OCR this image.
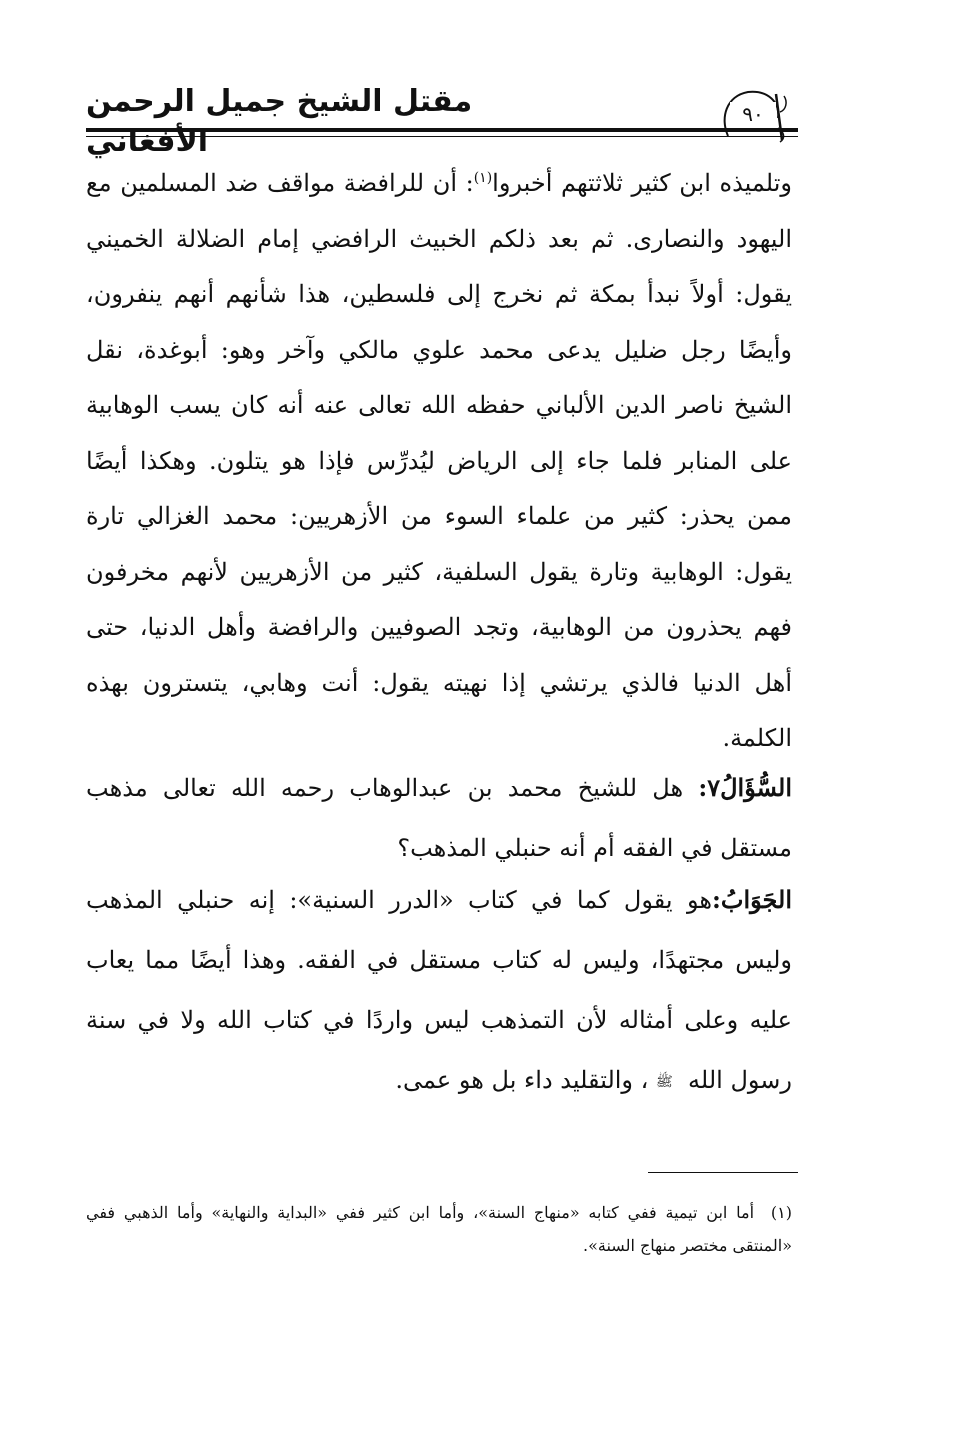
مقتل الشيخ جميل الرحمن الأفغاني
٩٠
وتلميذه ابن كثير ثلاثتهم أخبروا$^{(١)}$: أن للرافضة مواقف ضد المسلمين مع اليهود والنصارى. ثم بعد ذلكم الخبيث الرافضي إمام الضلالة الخميني يقول: أولاً نبدأ بمكة ثم نخرج إلى فلسطين، هذا شأنهم أنهم ينفرون، وأيضًا رجل ضليل يدعى محمد علوي مالكي وآخر وهو: أبوغدة، نقل الشيخ ناصر الدين الألباني حفظه الله تعالى عنه أنه كان يسب الوهابية على المنابر فلما جاء إلى الرياض ليُدرِّس فإذا هو يتلون. وهكذا أيضًا ممن يحذر: كثير من علماء السوء من الأزهريين: محمد الغزالي تارة يقول: الوهابية وتارة يقول السلفية، كثير من الأزهريين لأنهم مخرفون فهم يحذرون من الوهابية، وتجد الصوفيين والرافضة وأهل الدنيا، حتى أهل الدنيا فالذي يرتشي إذا نهيته يقول: أنت وهابي، يتسترون بهذه الكلمة.
السُّؤَالُ٧: هل للشيخ محمد بن عبدالوهاب رحمه الله تعالى مذهب مستقل في الفقه أم أنه حنبلي المذهب؟
الجَوَابُ:هو يقول كما في كتاب «الدرر السنية»: إنه حنبلي المذهب وليس مجتهدًا، وليس له كتاب مستقل في الفقه. وهذا أيضًا مما يعاب عليه وعلى أمثاله لأن التمذهب ليس واردًا في كتاب الله ولا في سنة رسول الله ﷺ، والتقليد داء بل هو عمى.
(١) أما ابن تيمية ففي كتابه «منهاج السنة»، وأما ابن كثير ففي «البداية والنهاية» وأما الذهبي ففي «المنتقى مختصر منهاج السنة».
